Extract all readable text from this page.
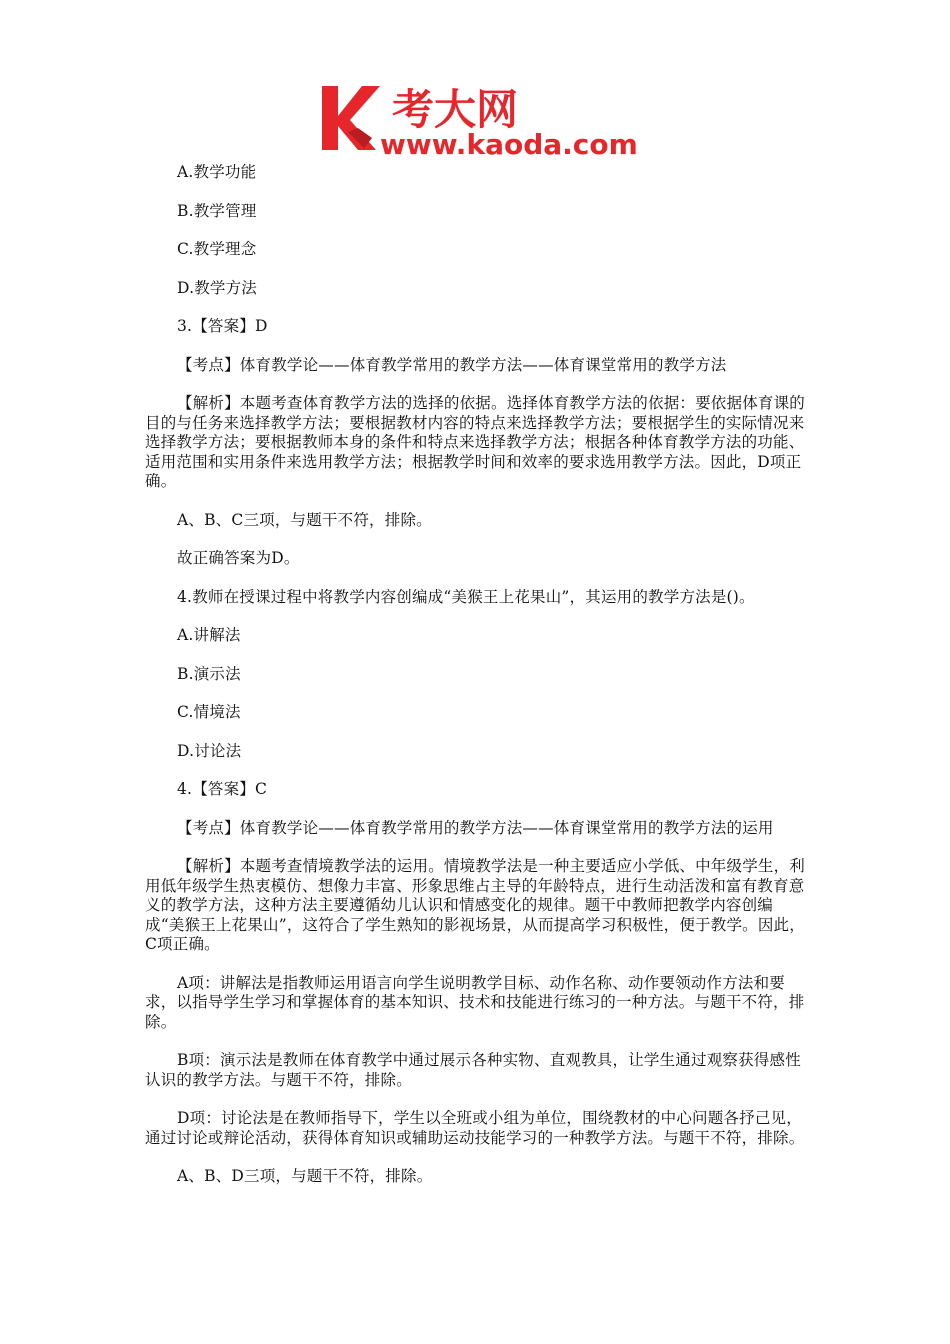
考大网
www.kaoda.com

A.教学功能

B.教学管理

C.教学理念

D.教学方法

3.【答案】D

【考点】体育教学论——体育教学常用的教学方法——体育课堂常用的教学方法

【解析】本题考查体育教学方法的选择的依据。选择体育教学方法的依据：要依据体育课的目的与任务来选择教学方法；要根据教材内容的特点来选择教学方法；要根据学生的实际情况来选择教学方法；要根据教师本身的条件和特点来选择教学方法；根据各种体育教学方法的功能、适用范围和实用条件来选用教学方法；根据教学时间和效率的要求选用教学方法。因此，D项正确。

A、B、C三项，与题干不符，排除。

故正确答案为D。

4.教师在授课过程中将教学内容创编成“美猴王上花果山”，其运用的教学方法是()。

A.讲解法

B.演示法

C.情境法

D.讨论法

4.【答案】C

【考点】体育教学论——体育教学常用的教学方法——体育课堂常用的教学方法的运用

【解析】本题考查情境教学法的运用。情境教学法是一种主要适应小学低、中年级学生，利用低年级学生热衷模仿、想像力丰富、形象思维占主导的年龄特点，进行生动活泼和富有教育意义的教学方法，这种方法主要遵循幼儿认识和情感变化的规律。题干中教师把教学内容创编成“美猴王上花果山”，这符合了学生熟知的影视场景，从而提高学习积极性，便于教学。因此，C项正确。

A项：讲解法是指教师运用语言向学生说明教学目标、动作名称、动作要领动作方法和要求，以指导学生学习和掌握体育的基本知识、技术和技能进行练习的一种方法。与题干不符，排除。

B项：演示法是教师在体育教学中通过展示各种实物、直观教具，让学生通过观察获得感性认识的教学方法。与题干不符，排除。

D项：讨论法是在教师指导下，学生以全班或小组为单位，围绕教材的中心问题各抒己见，通过讨论或辩论活动，获得体育知识或辅助运动技能学习的一种教学方法。与题干不符，排除。

A、B、D三项，与题干不符，排除。
